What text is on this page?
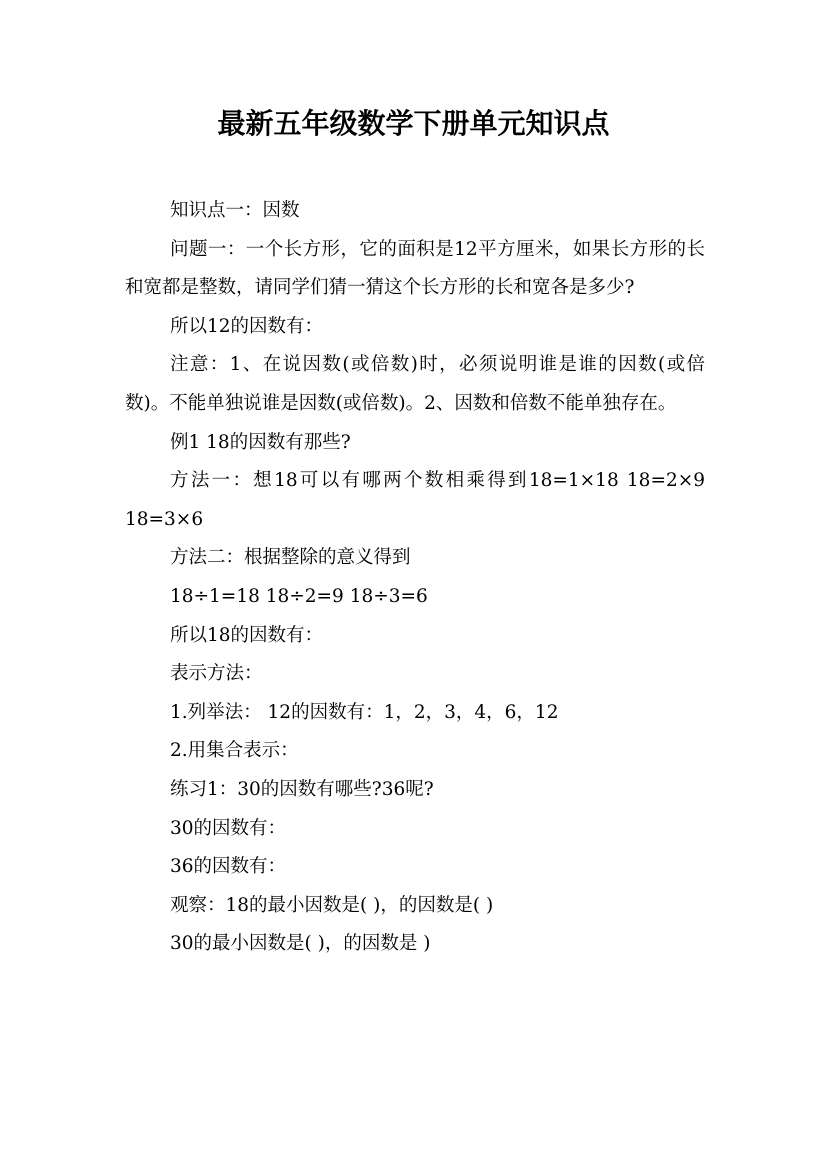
最新五年级数学下册单元知识点

知识点一：因数

问题一：一个长方形，它的面积是12平方厘米，如果长方形的长和宽都是整数，请同学们猜一猜这个长方形的长和宽各是多少?

所以12的因数有：

注意：1、在说因数(或倍数)时，必须说明谁是谁的因数(或倍数)。不能单独说谁是因数(或倍数)。2、因数和倍数不能单独存在。

例1 18的因数有那些?

方法一：想18可以有哪两个数相乘得到18=1×18 18=2×9 18=3×6

方法二：根据整除的意义得到

18÷1=18 18÷2=9 18÷3=6

所以18的因数有：

表示方法：

1.列举法： 12的因数有：1，2，3，4，6，12

2.用集合表示：

练习1：30的因数有哪些?36呢?

30的因数有：

36的因数有：

观察：18的最小因数是( )，的因数是( )

30的最小因数是( )，的因数是 )
